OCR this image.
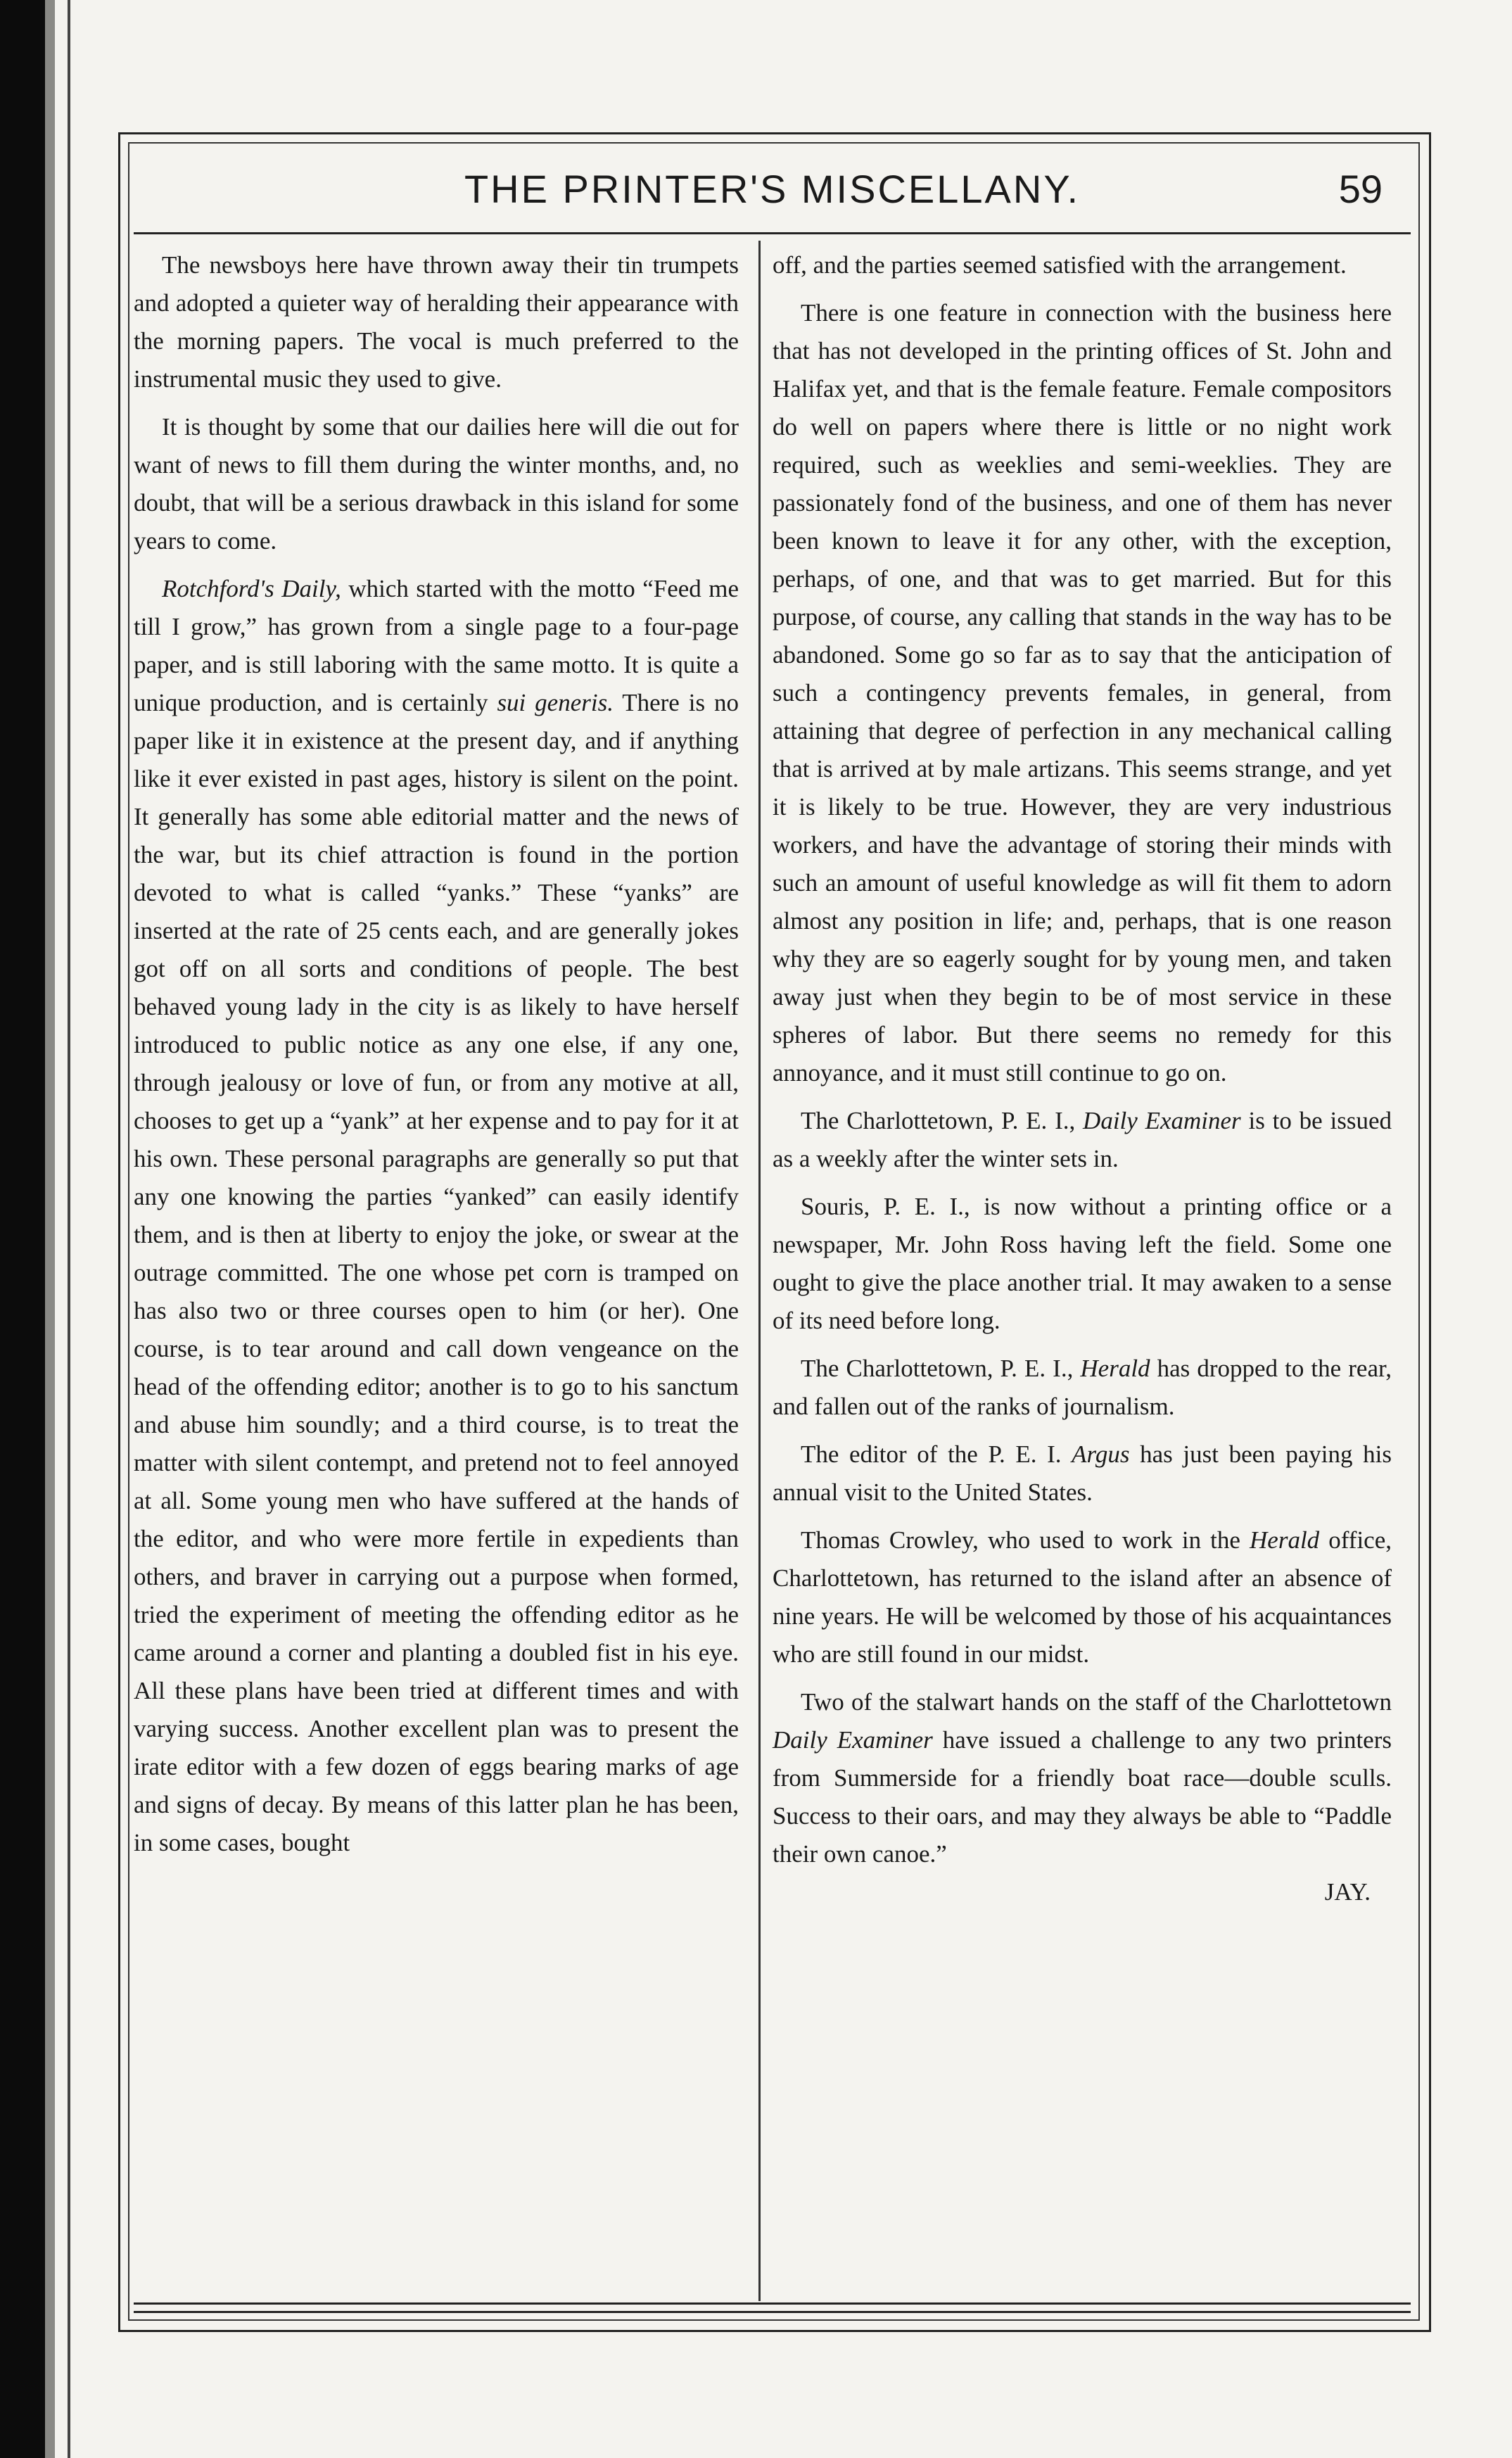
THE PRINTER'S MISCELLANY.	59

The newsboys here have thrown away their tin trumpets and adopted a quieter way of heralding their appearance with the morning papers. The vocal is much preferred to the instrumental music they used to give.

It is thought by some that our dailies here will die out for want of news to fill them during the winter months, and, no doubt, that will be a serious drawback in this island for some years to come.

Rotchford's Daily, which started with the motto “Feed me till I grow,” has grown from a single page to a four-page paper, and is still laboring with the same motto. It is quite a unique production, and is certainly sui generis. There is no paper like it in existence at the present day, and if anything like it ever existed in past ages, history is silent on the point. It generally has some able editorial matter and the news of the war, but its chief attraction is found in the portion devoted to what is called “yanks.” These “yanks” are inserted at the rate of 25 cents each, and are generally jokes got off on all sorts and conditions of people. The best behaved young lady in the city is as likely to have herself introduced to public notice as any one else, if any one, through jealousy or love of fun, or from any motive at all, chooses to get up a “yank” at her expense and to pay for it at his own. These personal paragraphs are generally so put that any one knowing the parties “yanked” can easily identify them, and is then at liberty to enjoy the joke, or swear at the outrage committed. The one whose pet corn is tramped on has also two or three courses open to him (or her). One course, is to tear around and call down vengeance on the head of the offending editor; another is to go to his sanctum and abuse him soundly; and a third course, is to treat the matter with silent contempt, and pretend not to feel annoyed at all. Some young men who have suffered at the hands of the editor, and who were more fertile in expedients than others, and braver in carrying out a purpose when formed, tried the experiment of meeting the offending editor as he came around a corner and planting a doubled fist in his eye. All these plans have been tried at different times and with varying success. Another excellent plan was to present the irate editor with a few dozen of eggs bearing marks of age and signs of decay. By means of this latter plan he has been, in some cases, bought

off, and the parties seemed satisfied with the arrangement.

There is one feature in connection with the business here that has not developed in the printing offices of St. John and Halifax yet, and that is the female feature. Female compositors do well on papers where there is little or no night work required, such as weeklies and semi-weeklies. They are passionately fond of the business, and one of them has never been known to leave it for any other, with the exception, perhaps, of one, and that was to get married. But for this purpose, of course, any calling that stands in the way has to be abandoned. Some go so far as to say that the anticipation of such a contingency prevents females, in general, from attaining that degree of perfection in any mechanical calling that is arrived at by male artizans. This seems strange, and yet it is likely to be true. However, they are very industrious workers, and have the advantage of storing their minds with such an amount of useful knowledge as will fit them to adorn almost any position in life; and, perhaps, that is one reason why they are so eagerly sought for by young men, and taken away just when they begin to be of most service in these spheres of labor. But there seems no remedy for this annoyance, and it must still continue to go on.

The Charlottetown, P. E. I., Daily Examiner is to be issued as a weekly after the winter sets in.

Souris, P. E. I., is now without a printing office or a newspaper, Mr. John Ross having left the field. Some one ought to give the place another trial. It may awaken to a sense of its need before long.

The Charlottetown, P. E. I., Herald has dropped to the rear, and fallen out of the ranks of journalism.

The editor of the P. E. I. Argus has just been paying his annual visit to the United States.

Thomas Crowley, who used to work in the Herald office, Charlottetown, has returned to the island after an absence of nine years. He will be welcomed by those of his acquaintances who are still found in our midst.

Two of the stalwart hands on the staff of the Charlottetown Daily Examiner have issued a challenge to any two printers from Summerside for a friendly boat race—double sculls. Success to their oars, and may they always be able to “Paddle their own canoe.”
JAY.
